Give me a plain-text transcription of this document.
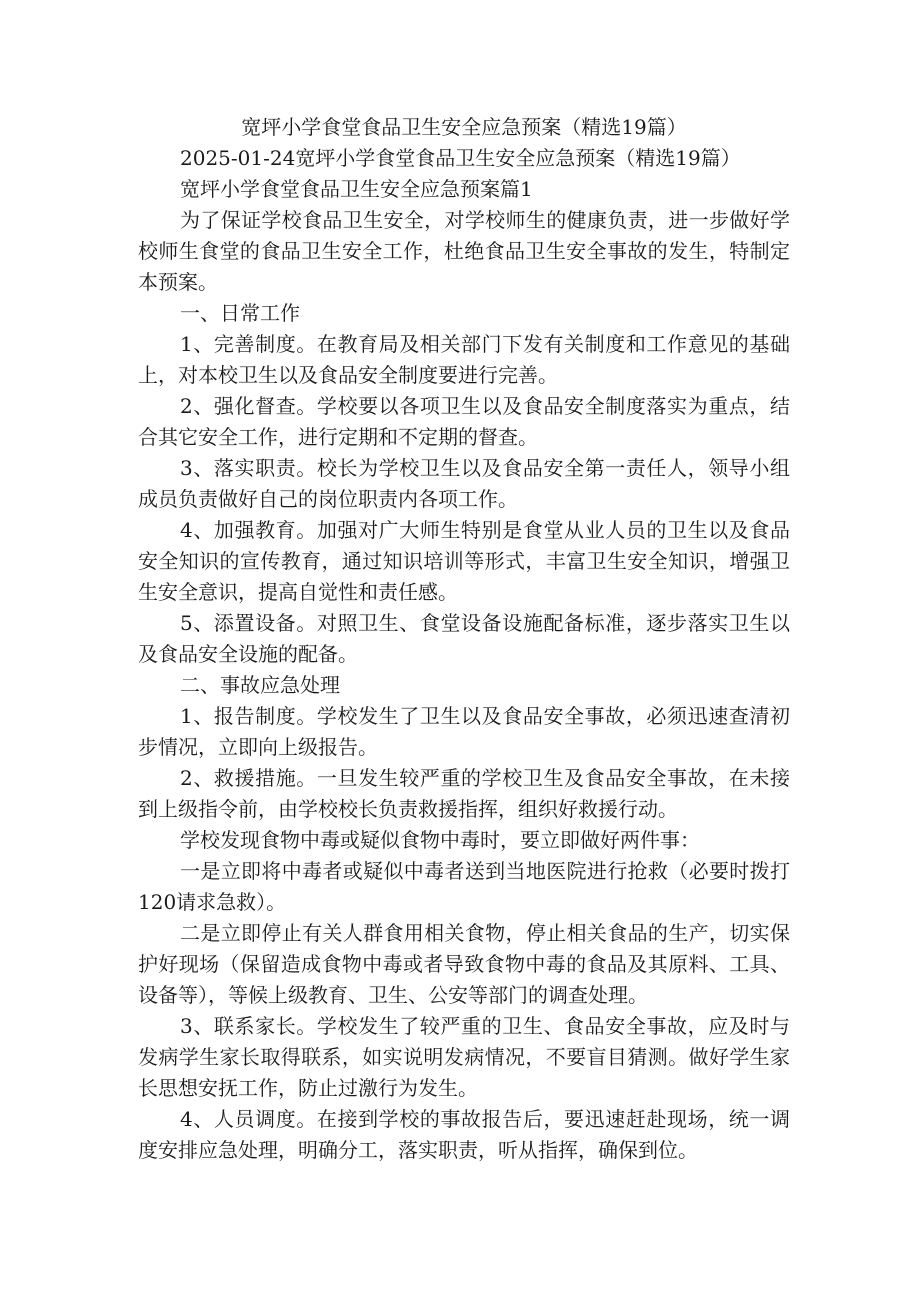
宽坪小学食堂食品卫生安全应急预案（精选19篇）

2025-01-24宽坪小学食堂食品卫生安全应急预案（精选19篇）

宽坪小学食堂食品卫生安全应急预案篇1

为了保证学校食品卫生安全，对学校师生的健康负责，进一步做好学校师生食堂的食品卫生安全工作，杜绝食品卫生安全事故的发生，特制定本预案。

一、日常工作

1、完善制度。在教育局及相关部门下发有关制度和工作意见的基础上，对本校卫生以及食品安全制度要进行完善。

2、强化督查。学校要以各项卫生以及食品安全制度落实为重点，结合其它安全工作，进行定期和不定期的督查。

3、落实职责。校长为学校卫生以及食品安全第一责任人，领导小组成员负责做好自己的岗位职责内各项工作。

4、加强教育。加强对广大师生特别是食堂从业人员的卫生以及食品安全知识的宣传教育，通过知识培训等形式，丰富卫生安全知识，增强卫生安全意识，提高自觉性和责任感。

5、添置设备。对照卫生、食堂设备设施配备标准，逐步落实卫生以及食品安全设施的配备。

二、事故应急处理

1、报告制度。学校发生了卫生以及食品安全事故，必须迅速查清初步情况，立即向上级报告。

2、救援措施。一旦发生较严重的学校卫生及食品安全事故，在未接到上级指令前，由学校校长负责救援指挥，组织好救援行动。

学校发现食物中毒或疑似食物中毒时，要立即做好两件事：

一是立即将中毒者或疑似中毒者送到当地医院进行抢救（必要时拨打120请求急救）。

二是立即停止有关人群食用相关食物，停止相关食品的生产，切实保护好现场（保留造成食物中毒或者导致食物中毒的食品及其原料、工具、设备等），等候上级教育、卫生、公安等部门的调查处理。

3、联系家长。学校发生了较严重的卫生、食品安全事故，应及时与发病学生家长取得联系，如实说明发病情况，不要盲目猜测。做好学生家长思想安抚工作，防止过激行为发生。

4、人员调度。在接到学校的事故报告后，要迅速赶赴现场，统一调度安排应急处理，明确分工，落实职责，听从指挥，确保到位。
